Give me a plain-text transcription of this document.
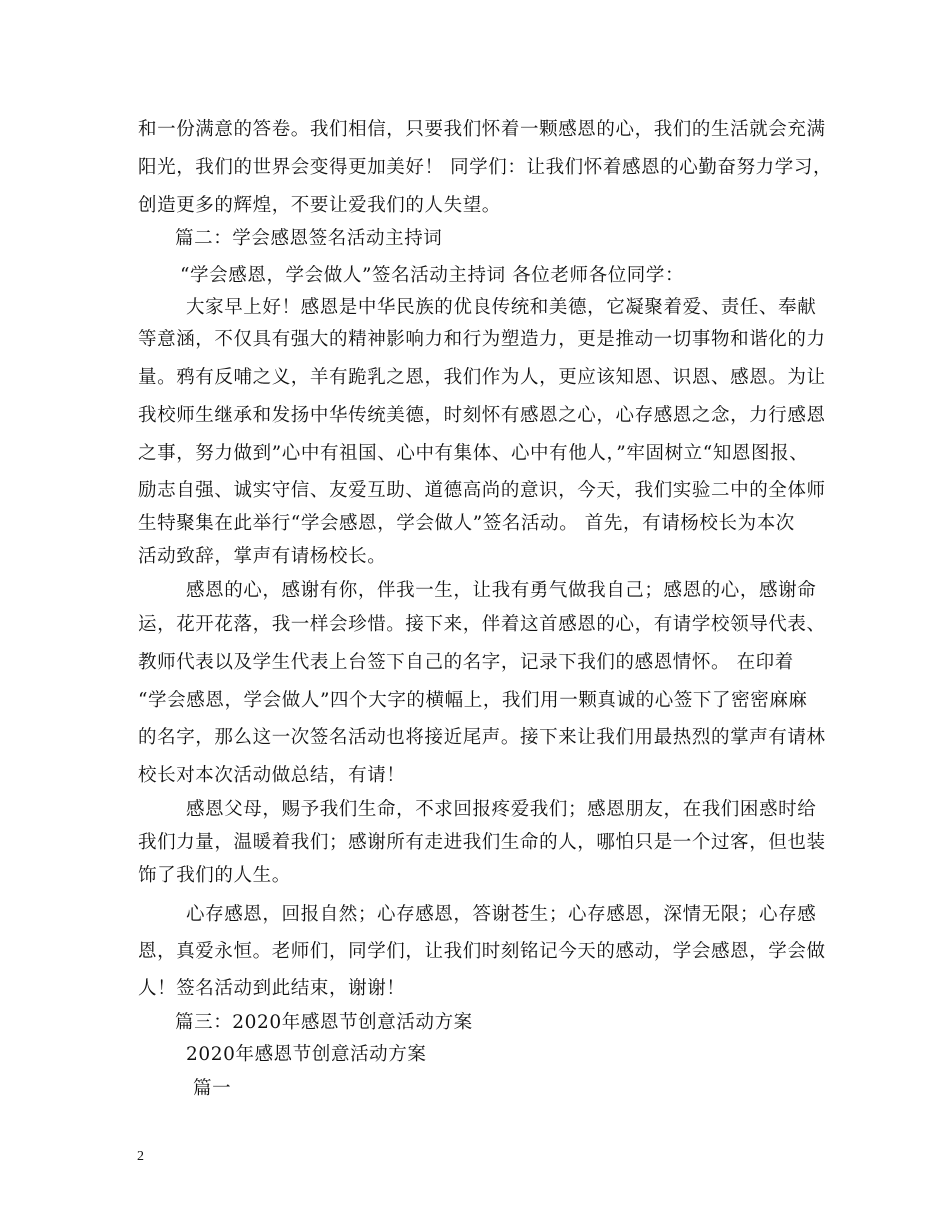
和一份满意的答卷。我们相信，只要我们怀着一颗感恩的心，我们的生活就会充满
阳光，我们的世界会变得更加美好！ 同学们：让我们怀着感恩的心勤奋努力学习，
创造更多的辉煌，不要让爱我们的人失望。
篇二：学会感恩签名活动主持词
“学会感恩，学会做人”签名活动主持词 各位老师各位同学：
大家早上好！感恩是中华民族的优良传统和美德，它凝聚着爱、责任、奉献
等意涵，不仅具有强大的精神影响力和行为塑造力，更是推动一切事物和谐化的力
量。鸦有反哺之义，羊有跪乳之恩，我们作为人，更应该知恩、识恩、感恩。为让
我校师生继承和发扬中华传统美德，时刻怀有感恩之心，心存感恩之念，力行感恩
之事，努力做到”心中有祖国、心中有集体、心中有他人，”牢固树立“知恩图报、
励志自强、诚实守信、友爱互助、道德高尚的意识，今天，我们实验二中的全体师
生特聚集在此举行“学会感恩，学会做人”签名活动。 首先，有请杨校长为本次
活动致辞，掌声有请杨校长。
感恩的心，感谢有你，伴我一生，让我有勇气做我自己；感恩的心，感谢命
运，花开花落，我一样会珍惜。接下来，伴着这首感恩的心，有请学校领导代表、
教师代表以及学生代表上台签下自己的名字，记录下我们的感恩情怀。 在印着
“学会感恩，学会做人”四个大字的横幅上，我们用一颗真诚的心签下了密密麻麻
的名字，那么这一次签名活动也将接近尾声。接下来让我们用最热烈的掌声有请林
校长对本次活动做总结，有请！
感恩父母，赐予我们生命，不求回报疼爱我们；感恩朋友，在我们困惑时给
我们力量，温暖着我们；感谢所有走进我们生命的人，哪怕只是一个过客，但也装
饰了我们的人生。
心存感恩，回报自然；心存感恩，答谢苍生；心存感恩，深情无限；心存感
恩，真爱永恒。老师们，同学们，让我们时刻铭记今天的感动，学会感恩，学会做
人！签名活动到此结束，谢谢！
篇三：2020年感恩节创意活动方案
2020年感恩节创意活动方案
篇一
2
